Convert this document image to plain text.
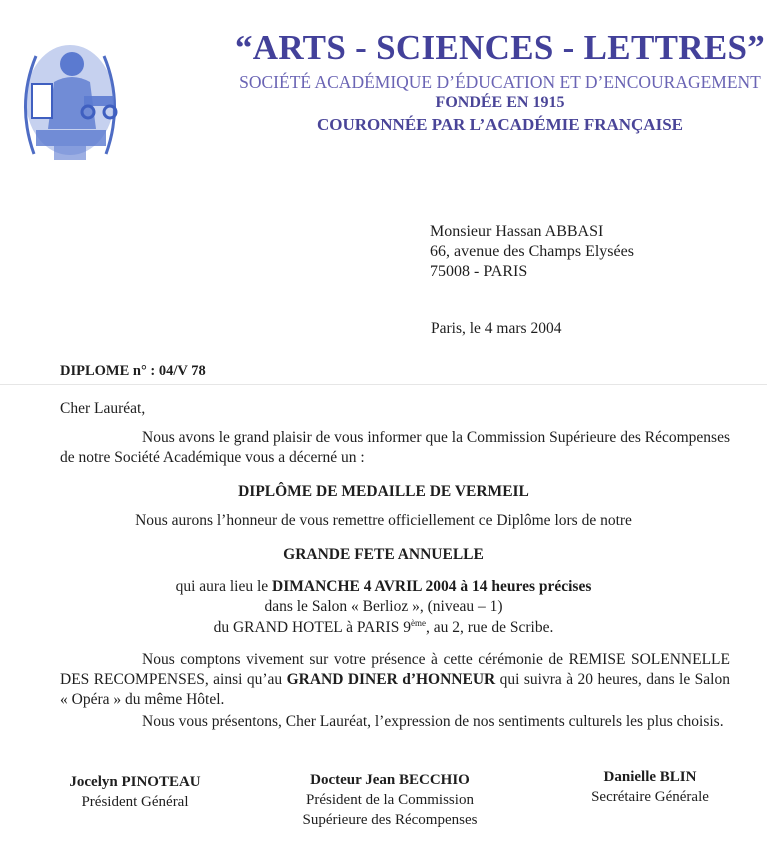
“ARTS - SCIENCES - LETTRES”
SOCIÉTÉ ACADÉMIQUE D’ÉDUCATION ET D’ENCOURAGEMENT
FONDÉE EN 1915
COURONNÉE PAR L’ACADÉMIE FRANÇAISE
Monsieur Hassan ABBASI
66, avenue des Champs Elysées
75008 - PARIS
Paris, le 4 mars 2004
DIPLOME n° : 04/V 78
Cher Lauréat,
Nous avons le grand plaisir de vous informer que la Commission Supérieure des Récompenses de notre Société Académique vous a décerné un :
DIPLÔME DE MEDAILLE DE VERMEIL
Nous aurons l’honneur de vous remettre officiellement ce Diplôme lors de notre
GRANDE FETE ANNUELLE
qui aura lieu le DIMANCHE 4 AVRIL 2004 à 14 heures précises
dans le Salon « Berlioz », (niveau – 1)
du GRAND HOTEL à PARIS 9ème, au 2, rue de Scribe.
Nous comptons vivement sur votre présence à cette cérémonie de REMISE SOLENNELLE DES RECOMPENSES, ainsi qu’au GRAND DINER d’HONNEUR qui suivra à 20 heures, dans le Salon « Opéra » du même Hôtel.
Nous vous présentons, Cher Lauréat, l’expression de nos sentiments culturels les plus choisis.
Jocelyn PINOTEAU
Président Général
Docteur Jean BECCHIO
Président de la Commission Supérieure des Récompenses
Danielle BLIN
Secrétaire Générale
